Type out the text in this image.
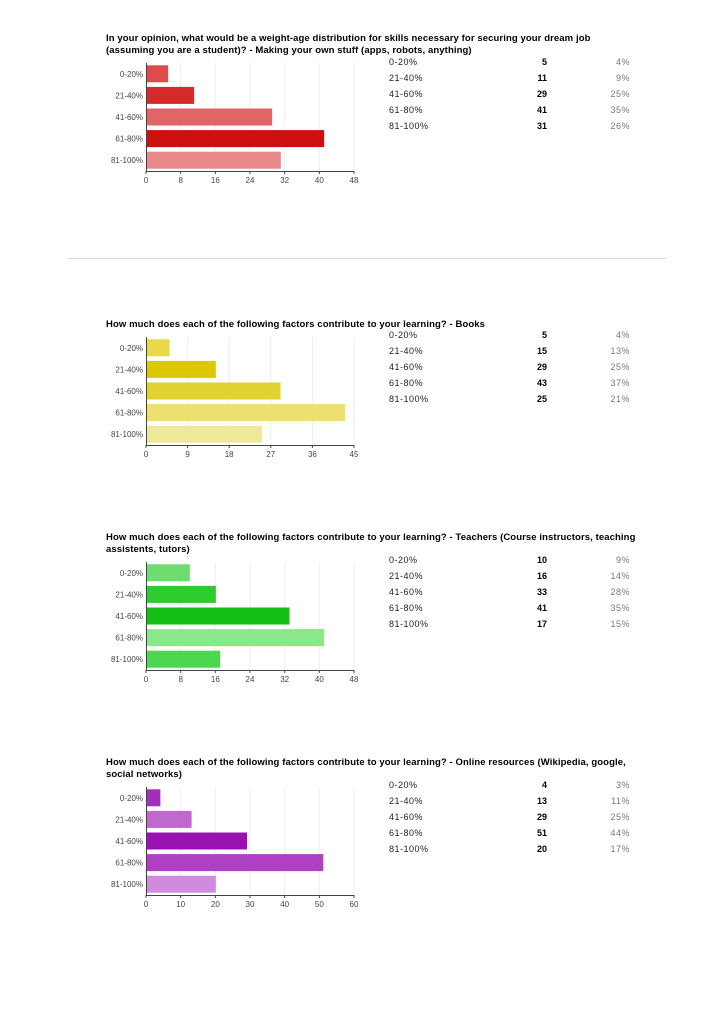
In your opinion, what would be a weight-age distribution for skills necessary for securing your dream job (assuming you are a student)? - Making your own stuff (apps, robots, anything)
0-20%
21-40%
41-60%
61-80%
81-100%
0	8	16	24	32	40	48
0-20%	5	4%
21-40%	11	9%
41-60%	29	25%
61-80%	41	35%
81-100%	31	26%
How much does each of the following factors contribute to your learning? - Books
0-20%
21-40%
41-60%
61-80%
81-100%
0	9	18	27	36	45
0-20%	5	4%
21-40%	15	13%
41-60%	29	25%
61-80%	43	37%
81-100%	25	21%
How much does each of the following factors contribute to your learning? - Teachers (Course instructors, teaching assistents, tutors)
0-20%
21-40%
41-60%
61-80%
81-100%
0	8	16	24	32	40	48
0-20%	10	9%
21-40%	16	14%
41-60%	33	28%
61-80%	41	35%
81-100%	17	15%
How much does each of the following factors contribute to your learning? - Online resources (Wikipedia, google, social networks)
0-20%
21-40%
41-60%
61-80%
81-100%
0	10	20	30	40	50	60
0-20%	4	3%
21-40%	13	11%
41-60%	29	25%
61-80%	51	44%
81-100%	20	17%
